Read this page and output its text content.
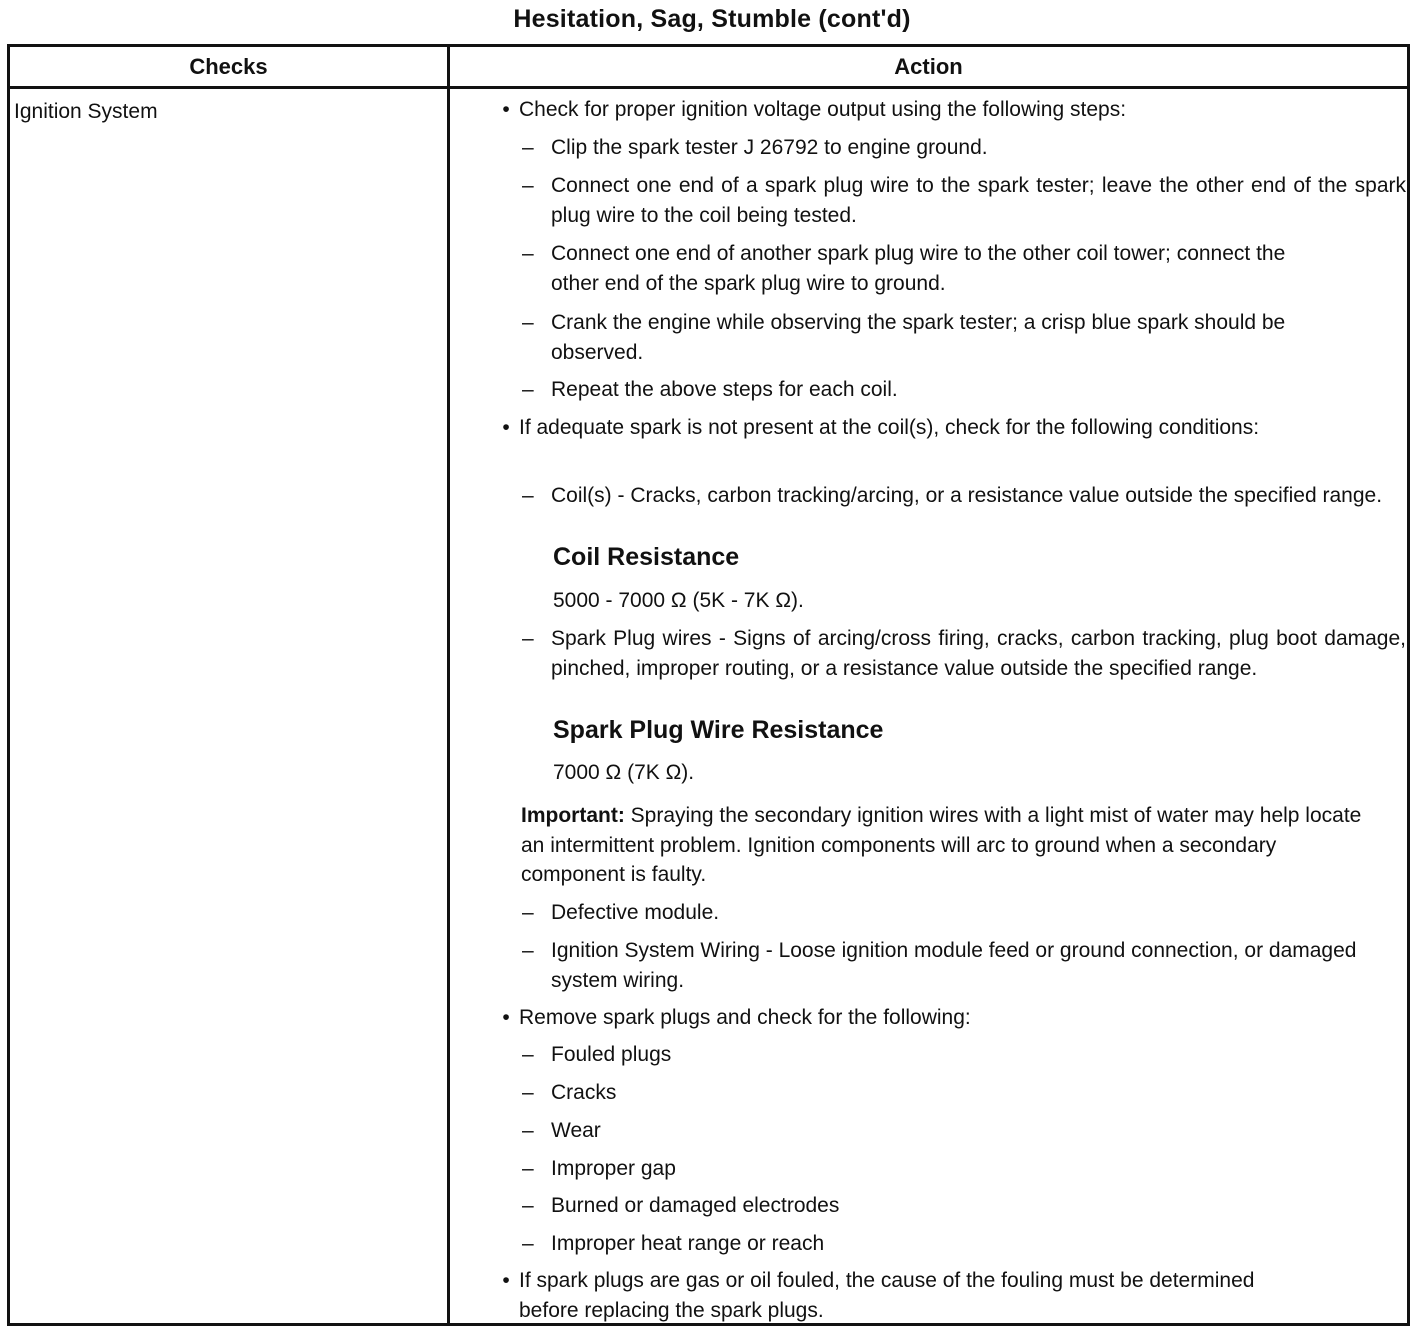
Hesitation, Sag, Stumble (cont'd)
Checks	Action
Ignition System	• Check for proper ignition voltage output using the following steps:
– Clip the spark tester J 26792 to engine ground.
– Connect one end of a spark plug wire to the spark tester; leave the other end of the spark plug wire to the coil being tested.
– Connect one end of another spark plug wire to the other coil tower; connect the other end of the spark plug wire to ground.
– Crank the engine while observing the spark tester; a crisp blue spark should be observed.
– Repeat the above steps for each coil.
• If adequate spark is not present at the coil(s), check for the following conditions:
– Coil(s) - Cracks, carbon tracking/arcing, or a resistance value outside the specified range.
Coil Resistance
5000 - 7000 Ω (5K - 7K Ω).
– Spark Plug wires - Signs of arcing/cross firing, cracks, carbon tracking, plug boot damage, pinched, improper routing, or a resistance value outside the specified range.
Spark Plug Wire Resistance
7000 Ω (7K Ω).
Important: Spraying the secondary ignition wires with a light mist of water may help locate an intermittent problem. Ignition components will arc to ground when a secondary component is faulty.
– Defective module.
– Ignition System Wiring - Loose ignition module feed or ground connection, or damaged system wiring.
• Remove spark plugs and check for the following:
– Fouled plugs
– Cracks
– Wear
– Improper gap
– Burned or damaged electrodes
– Improper heat range or reach
• If spark plugs are gas or oil fouled, the cause of the fouling must be determined before replacing the spark plugs.
